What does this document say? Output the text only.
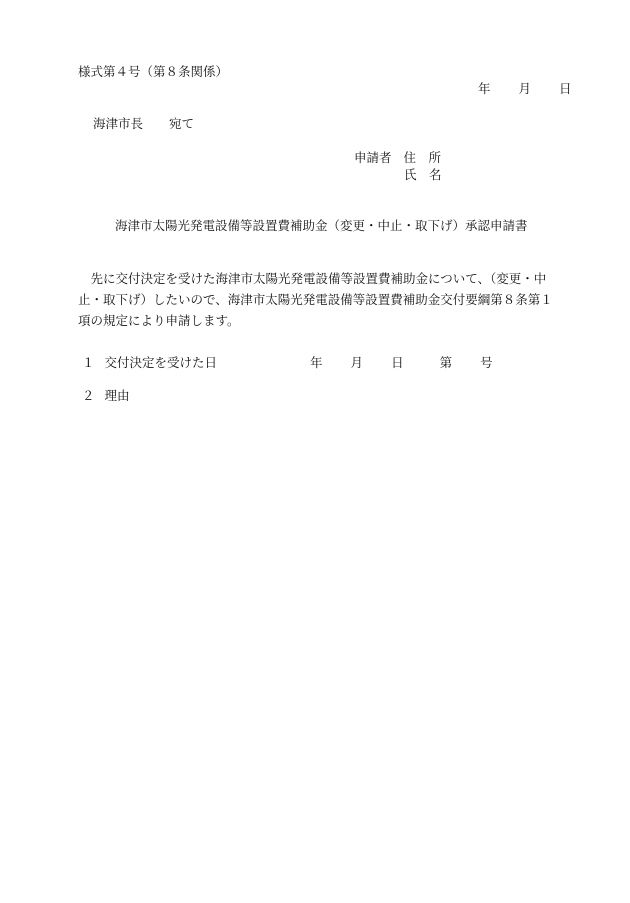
様式第４号（第８条関係）
年 月 日
海津市長 宛て
申請者 住　所
氏　名
海津市太陽光発電設備等設置費補助金（変更・中止・取下げ）承認申請書
　先に交付決定を受けた海津市太陽光発電設備等設置費補助金について、（変更・中
止・取下げ）したいので、海津市太陽光発電設備等設置費補助金交付要綱第８条第１
項の規定により申請します。
１ 交付決定を受けた日	年 月 日	第 号
２ 理由
